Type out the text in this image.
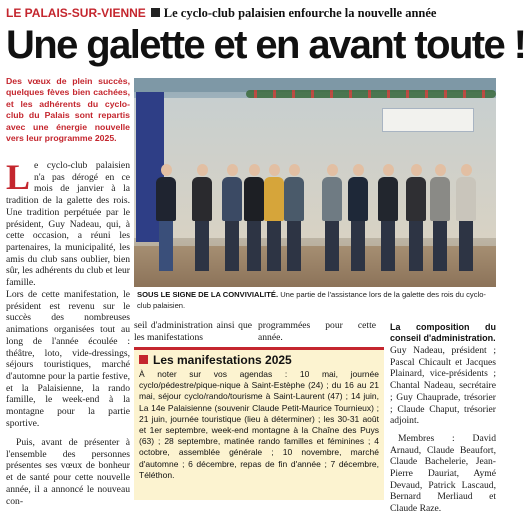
LE PALAIS-SUR-VIENNE Le cyclo-club palaisien enfourche la nouvelle année
Une galette et en avant toute !
Des vœux de plein succès, quelques fèves bien cachées, et les adhérents du cyclo-club du Palais sont repartis avec une énergie nouvelle vers leur programme 2025.
Le cyclo-club palaisien n'a pas dérogé en ce mois de janvier à la tradition de la galette des rois. Une tradition perpétuée par le président, Guy Nadeau, qui, à cette occasion, a réuni les partenaires, la municipalité, les amis du club sans oublier, bien sûr, les adhérents du club et leur famille.
Lors de cette manifestation, le président est revenu sur le succès des nombreuses animations organisées tout au long de l'année écoulée : théâtre, loto, vide-dressings, séjours touristiques, marché d'automne pour la partie festive, et la Palaisienne, la rando famille, le week-end à la montagne pour la partie sportive.
Puis, avant de présenter à l'ensemble des personnes présentes ses vœux de bonheur et de santé pour cette nouvelle année, il a annoncé le nouveau con-
SOUS LE SIGNE DE LA CONVIVIALITÉ. Une partie de l'assistance lors de la galette des rois du cyclo-club palaisien.
seil d'administration ainsi que les manifestations
programmées pour cette année.
Les manifestations 2025
À noter sur vos agendas : 10 mai, journée cyclo/pédestre/pique-nique à Saint-Estèphe (24) ; du 16 au 21 mai, séjour cyclo/rando/tourisme à Saint-Laurent (47) ; 14 juin, La 14e Palaisienne (souvenir Claude Petit-Maurice Tournieux) ; 21 juin, journée touristique (lieu à déterminer) ; les 30-31 août et 1er septembre, week-end montagne à la Chaîne des Puys (63) ; 28 septembre, matinée rando familles et féminines ; 4 octobre, assemblée générale ; 10 novembre, marché d'automne ; 6 décembre, repas de fin d'année ; 7 décembre, Téléthon.
La composition du conseil d'administration.
Guy Nadeau, président ; Pascal Chicault et Jacques Plainard, vice-présidents ; Chantal Nadeau, secrétaire ; Guy Chauprade, trésorier ; Claude Chaput, trésorier adjoint.
Membres : David Arnaud, Claude Beaufort, Claude Bachelerie, Jean-Pierre Dauriat, Aymé Devaud, Patrick Lascaud, Bernard Merliaud et Claude Raze.
